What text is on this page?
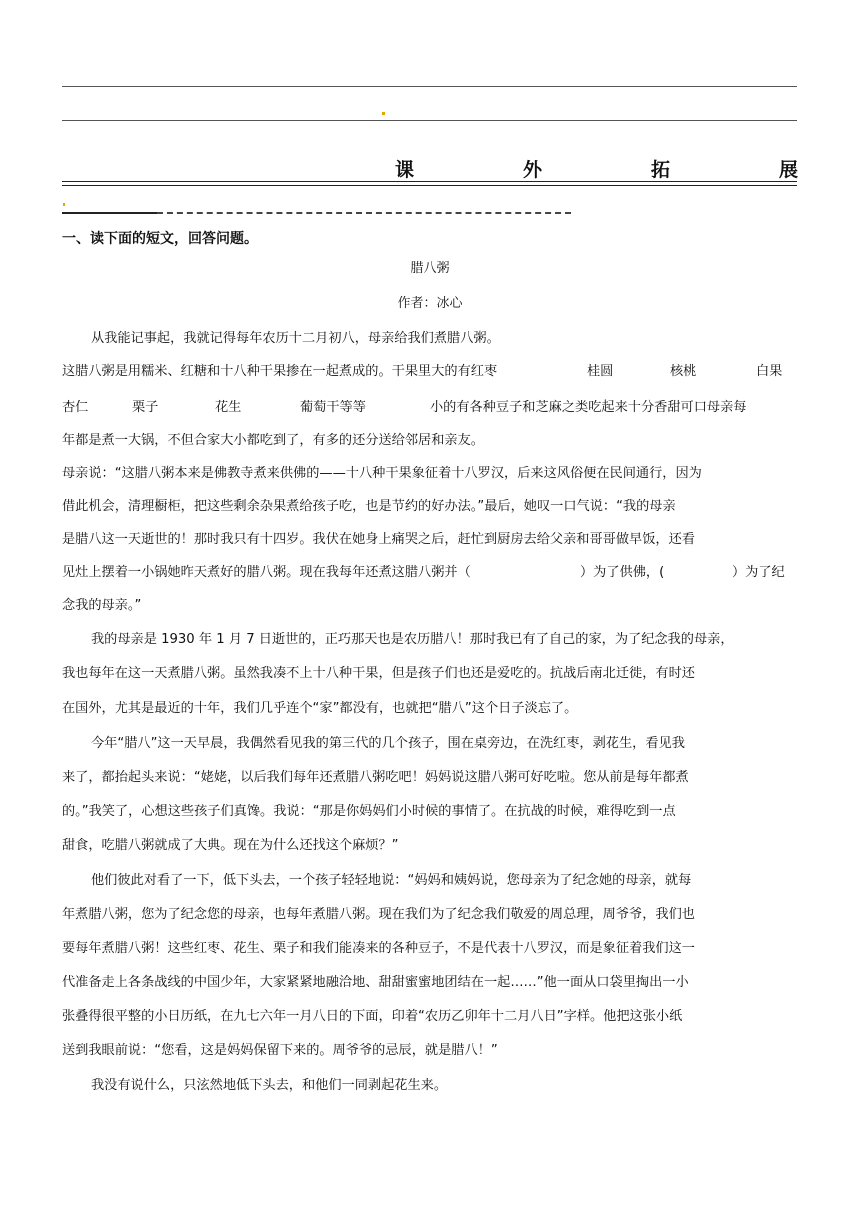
课	外	拓	展
一、读下面的短文，回答问题。
腊八粥
作者：冰心
从我能记事起，我就记得每年农历十二月初八，母亲给我们煮腊八粥。
这腊八粥是用糯米、红糖和十八种干果掺在一起煮成的。干果里大的有红枣	桂圆	核桃	白果
杏仁	栗子	花生	葡萄干等等	小的有各种豆子和芝麻之类吃起来十分香甜可口母亲每
年都是煮一大锅，不但合家大小都吃到了，有多的还分送给邻居和亲友。
母亲说：“这腊八粥本来是佛教寺煮来供佛的——十八种干果象征着十八罗汉，后来这风俗便在民间通行，因为
借此机会，清理橱柜，把这些剩余杂果煮给孩子吃，也是节约的好办法。”最后，她叹一口气说：“我的母亲
是腊八这一天逝世的！那时我只有十四岁。我伏在她身上痛哭之后，赶忙到厨房去给父亲和哥哥做早饭，还看
见灶上摆着一小锅她昨天煮好的腊八粥。现在我每年还煮这腊八粥并（	）为了供佛，(	）为了纪
念我的母亲。”
我的母亲是 1930 年 1 月 7 日逝世的，正巧那天也是农历腊八！那时我已有了自己的家，为了纪念我的母亲，
我也每年在这一天煮腊八粥。虽然我凑不上十八种干果，但是孩子们也还是爱吃的。抗战后南北迁徙，有时还
在国外，尤其是最近的十年，我们几乎连个“家”都没有，也就把“腊八”这个日子淡忘了。
今年“腊八”这一天早晨，我偶然看见我的第三代的几个孩子，围在桌旁边，在洗红枣，剥花生，看见我
来了，都抬起头来说：“姥姥，以后我们每年还煮腊八粥吃吧！妈妈说这腊八粥可好吃啦。您从前是每年都煮
的。”我笑了，心想这些孩子们真馋。我说：“那是你妈妈们小时候的事情了。在抗战的时候，难得吃到一点
甜食，吃腊八粥就成了大典。现在为什么还找这个麻烦？”
他们彼此对看了一下，低下头去，一个孩子轻轻地说：“妈妈和姨妈说，您母亲为了纪念她的母亲，就每
年煮腊八粥，您为了纪念您的母亲，也每年煮腊八粥。现在我们为了纪念我们敬爱的周总理，周爷爷，我们也
要每年煮腊八粥！这些红枣、花生、栗子和我们能凑来的各种豆子，不是代表十八罗汉，而是象征着我们这一
代准备走上各条战线的中国少年，大家紧紧地融洽地、甜甜蜜蜜地团结在一起……”他一面从口袋里掏出一小
张叠得很平整的小日历纸，在九七六年一月八日的下面，印着“农历乙卯年十二月八日”字样。他把这张小纸
送到我眼前说：“您看，这是妈妈保留下来的。周爷爷的忌辰，就是腊八！”
我没有说什么，只泫然地低下头去，和他们一同剥起花生来。
